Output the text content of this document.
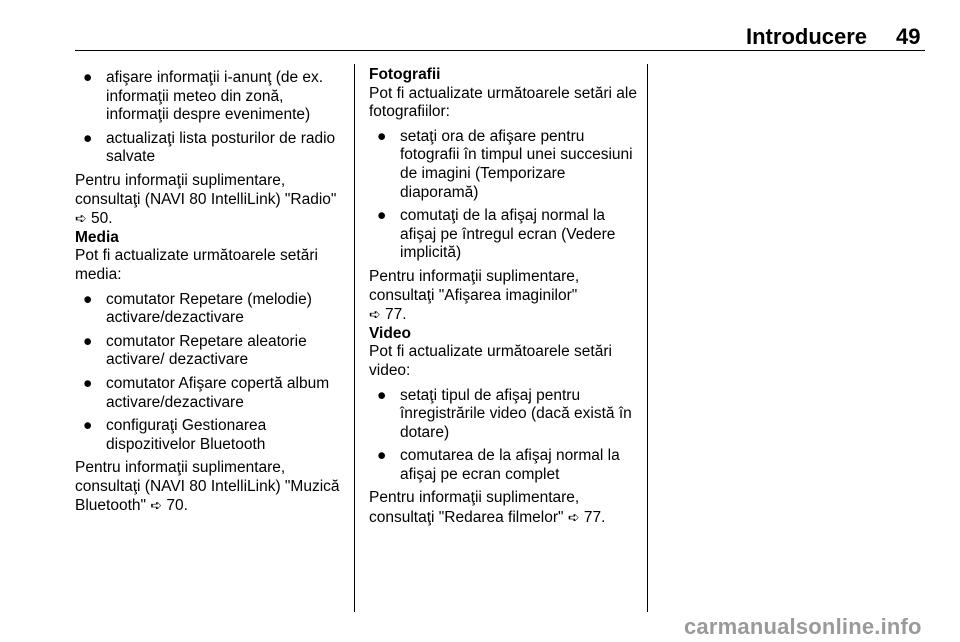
Introducere 49
● afişare informaţii i-anunţ (de ex. informaţii meteo din zonă, informaţii despre evenimente)
● actualizaţi lista posturilor de radio salvate

Pentru informaţii suplimentare, consultaţi (NAVI 80 IntelliLink) "Radio" ➪ 50.

Media

Pot fi actualizate următoarele setări media:

● comutator Repetare (melodie) activare/dezactivare
● comutator Repetare aleatorie activare/ dezactivare
● comutator Afişare copertă album activare/dezactivare
● configuraţi Gestionarea dispozitivelor Bluetooth

Pentru informaţii suplimentare, consultaţi (NAVI 80 IntelliLink) "Muzică Bluetooth" ➪ 70.

Fotografii

Pot fi actualizate următoarele setări ale fotografiilor:

● setaţi ora de afişare pentru fotografii în timpul unei succesiuni de imagini (Temporizare diaporamă)
● comutaţi de la afişaj normal la afişaj pe întregul ecran (Vedere implicită)

Pentru informaţii suplimentare, consultaţi "Afişarea imaginilor"
➪ 77.

Video

Pot fi actualizate următoarele setări video:

● setaţi tipul de afişaj pentru înregistrările video (dacă există în dotare)
● comutarea de la afişaj normal la afişaj pe ecran complet

Pentru informaţii suplimentare, consultaţi "Redarea filmelor" ➪ 77.

carmanualsonline.info
